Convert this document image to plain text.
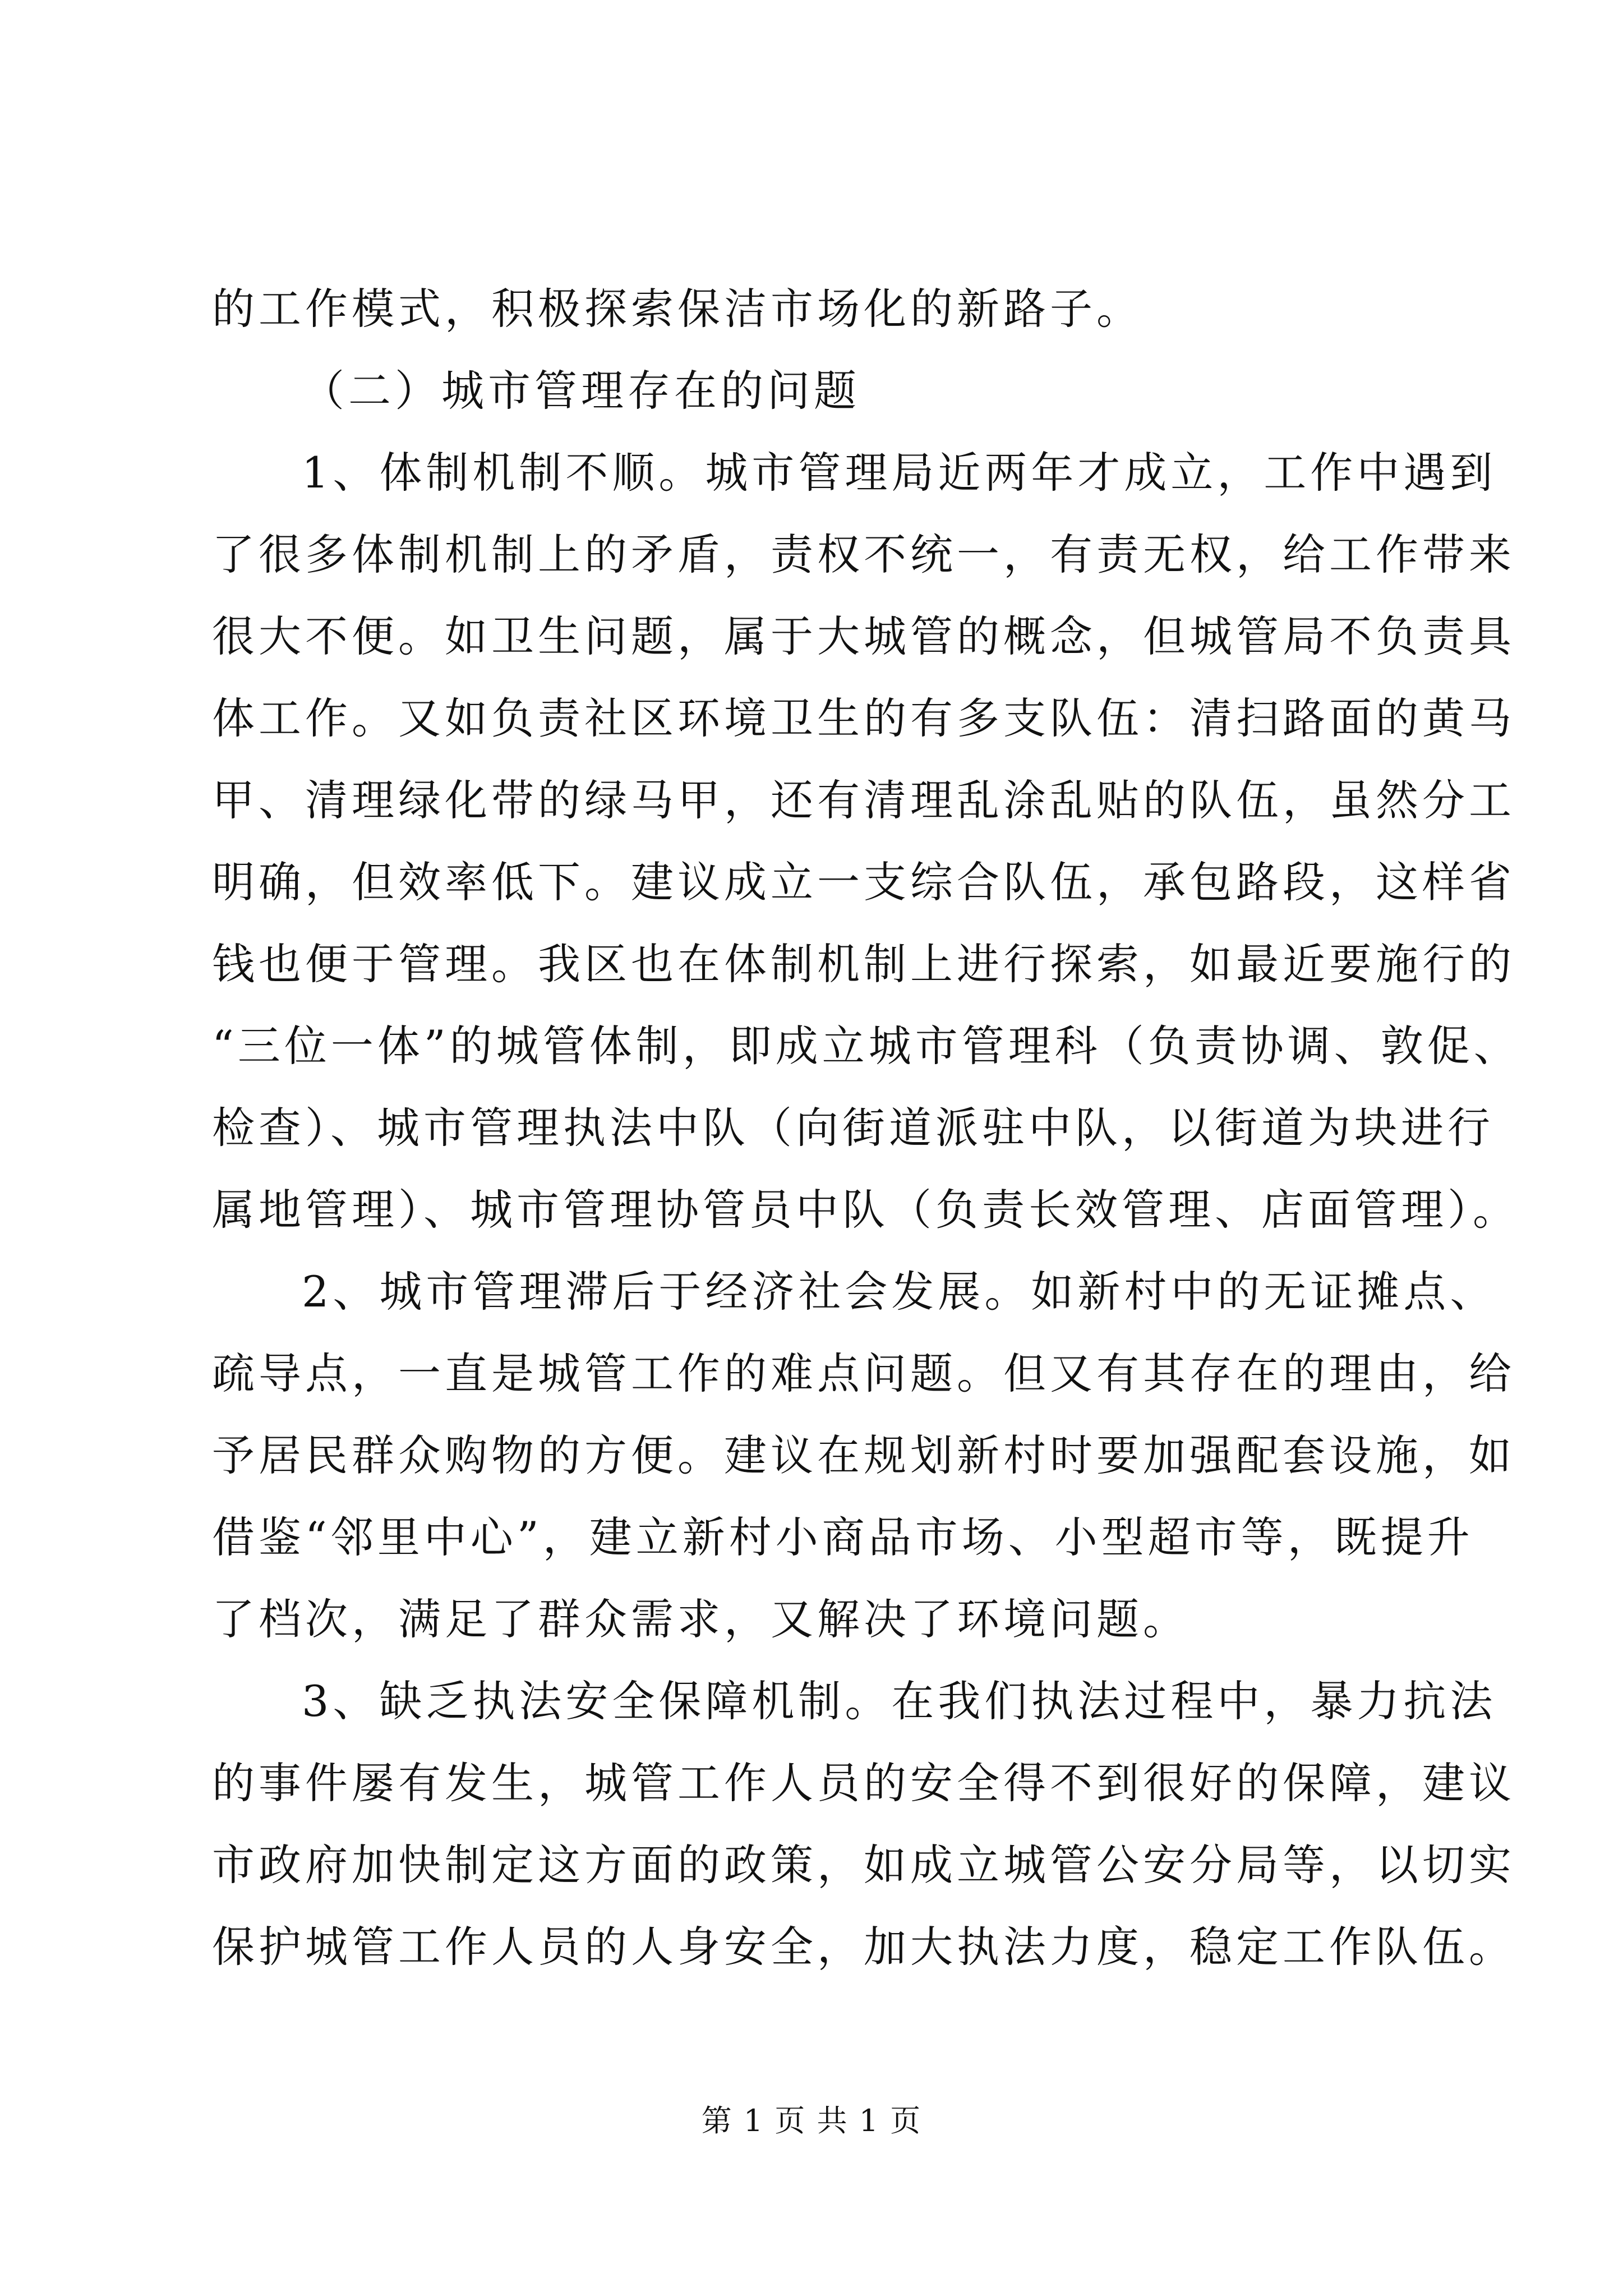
的工作模式，积极探索保洁市场化的新路子。
（二）城市管理存在的问题
1、体制机制不顺。城市管理局近两年才成立，工作中遇到
了很多体制机制上的矛盾，责权不统一，有责无权，给工作带来
很大不便。如卫生问题，属于大城管的概念，但城管局不负责具
体工作。又如负责社区环境卫生的有多支队伍：清扫路面的黄马
甲、清理绿化带的绿马甲，还有清理乱涂乱贴的队伍，虽然分工
明确，但效率低下。建议成立一支综合队伍，承包路段，这样省
钱也便于管理。我区也在体制机制上进行探索，如最近要施行的
“三位一体”的城管体制，即成立城市管理科（负责协调、敦促、
检查）、城市管理执法中队（向街道派驻中队，以街道为块进行
属地管理）、城市管理协管员中队（负责长效管理、店面管理）。
2、城市管理滞后于经济社会发展。如新村中的无证摊点、
疏导点，一直是城管工作的难点问题。但又有其存在的理由，给
予居民群众购物的方便。建议在规划新村时要加强配套设施，如
借鉴“邻里中心”，建立新村小商品市场、小型超市等，既提升
了档次，满足了群众需求，又解决了环境问题。
3、缺乏执法安全保障机制。在我们执法过程中，暴力抗法
的事件屡有发生，城管工作人员的安全得不到很好的保障，建议
市政府加快制定这方面的政策，如成立城管公安分局等，以切实
保护城管工作人员的人身安全，加大执法力度，稳定工作队伍。
第 1 页 共 1 页
